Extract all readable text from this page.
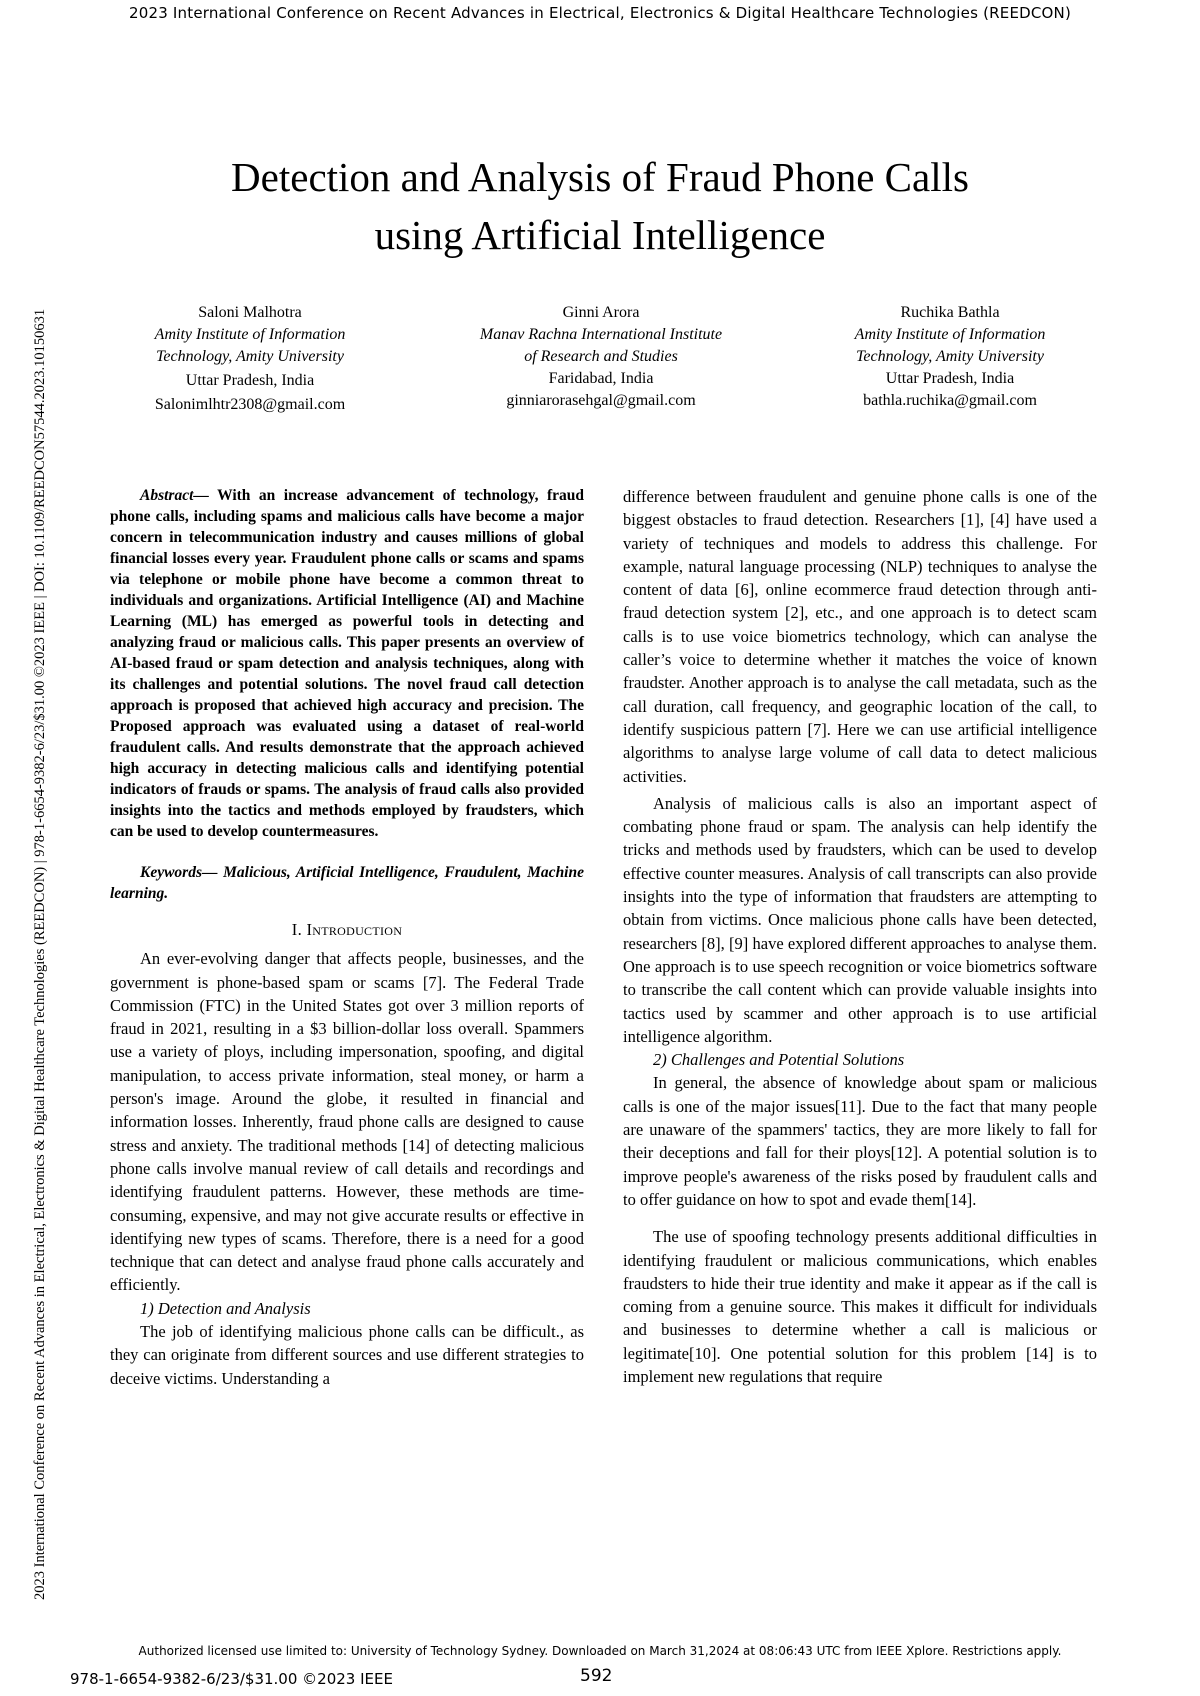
2023 International Conference on Recent Advances in Electrical, Electronics & Digital Healthcare Technologies (REEDCON)
2023 International Conference on Recent Advances in Electrical, Electronics & Digital Healthcare Technologies (REEDCON) | 978-1-6654-9382-6/23/$31.00 ©2023 IEEE | DOI: 10.1109/REEDCON57544.2023.10150631
Detection and Analysis of Fraud Phone Calls
using Artificial Intelligence
Saloni Malhotra
Amity Institute of Information
Technology, Amity University
Uttar Pradesh, India
Salonimlhtr2308@gmail.com
Ginni Arora
Manav Rachna International Institute
of Research and Studies
Faridabad, India
ginniarorasehgal@gmail.com
Ruchika Bathla
Amity Institute of Information
Technology, Amity University
Uttar Pradesh, India
bathla.ruchika@gmail.com

Abstract— With an increase advancement of technology, fraud phone calls, including spams and malicious calls have become a major concern in telecommunication industry and causes millions of global financial losses every year. Fraudulent phone calls or scams and spams via telephone or mobile phone have become a common threat to individuals and organizations. Artificial Intelligence (AI) and Machine Learning (ML) has emerged as powerful tools in detecting and analyzing fraud or malicious calls. This paper presents an overview of AI-based fraud or spam detection and analysis techniques, along with its challenges and potential solutions. The novel fraud call detection approach is proposed that achieved high accuracy and precision. The Proposed approach was evaluated using a dataset of real-world fraudulent calls. And results demonstrate that the approach achieved high accuracy in detecting malicious calls and identifying potential indicators of frauds or spams. The analysis of fraud calls also provided insights into the tactics and methods employed by fraudsters, which can be used to develop countermeasures.

Keywords— Malicious, Artificial Intelligence, Fraudulent, Machine learning.

I. Introduction

An ever-evolving danger that affects people, businesses, and the government is phone-based spam or scams [7]. The Federal Trade Commission (FTC) in the United States got over 3 million reports of fraud in 2021, resulting in a $3 billion-dollar loss overall. Spammers use a variety of ploys, including impersonation, spoofing, and digital manipulation, to access private information, steal money, or harm a person's image. Around the globe, it resulted in financial and information losses. Inherently, fraud phone calls are designed to cause stress and anxiety. The traditional methods [14] of detecting malicious phone calls involve manual review of call details and recordings and identifying fraudulent patterns. However, these methods are time-consuming, expensive, and may not give accurate results or effective in identifying new types of scams. Therefore, there is a need for a good technique that can detect and analyse fraud phone calls accurately and efficiently.

1) Detection and Analysis

The job of identifying malicious phone calls can be difficult., as they can originate from different sources and use different strategies to deceive victims. Understanding a

difference between fraudulent and genuine phone calls is one of the biggest obstacles to fraud detection. Researchers [1], [4] have used a variety of techniques and models to address this challenge. For example, natural language processing (NLP) techniques to analyse the content of data [6], online ecommerce fraud detection through anti-fraud detection system [2], etc., and one approach is to detect scam calls is to use voice biometrics technology, which can analyse the caller’s voice to determine whether it matches the voice of known fraudster. Another approach is to analyse the call metadata, such as the call duration, call frequency, and geographic location of the call, to identify suspicious pattern [7]. Here we can use artificial intelligence algorithms to analyse large volume of call data to detect malicious activities.

Analysis of malicious calls is also an important aspect of combating phone fraud or spam. The analysis can help identify the tricks and methods used by fraudsters, which can be used to develop effective counter measures. Analysis of call transcripts can also provide insights into the type of information that fraudsters are attempting to obtain from victims. Once malicious phone calls have been detected, researchers [8], [9] have explored different approaches to analyse them. One approach is to use speech recognition or voice biometrics software to transcribe the call content which can provide valuable insights into tactics used by scammer and other approach is to use artificial intelligence algorithm.

2) Challenges and Potential Solutions

In general, the absence of knowledge about spam or malicious calls is one of the major issues[11]. Due to the fact that many people are unaware of the spammers' tactics, they are more likely to fall for their deceptions and fall for their ploys[12]. A potential solution is to improve people's awareness of the risks posed by fraudulent calls and to offer guidance on how to spot and evade them[14].

The use of spoofing technology presents additional difficulties in identifying fraudulent or malicious communications, which enables fraudsters to hide their true identity and make it appear as if the call is coming from a genuine source. This makes it difficult for individuals and businesses to determine whether a call is malicious or legitimate[10]. One potential solution for this problem [14] is to implement new regulations that require

Authorized licensed use limited to: University of Technology Sydney. Downloaded on March 31,2024 at 08:06:43 UTC from IEEE Xplore. Restrictions apply.
978-1-6654-9382-6/23/$31.00 ©2023 IEEE	592
